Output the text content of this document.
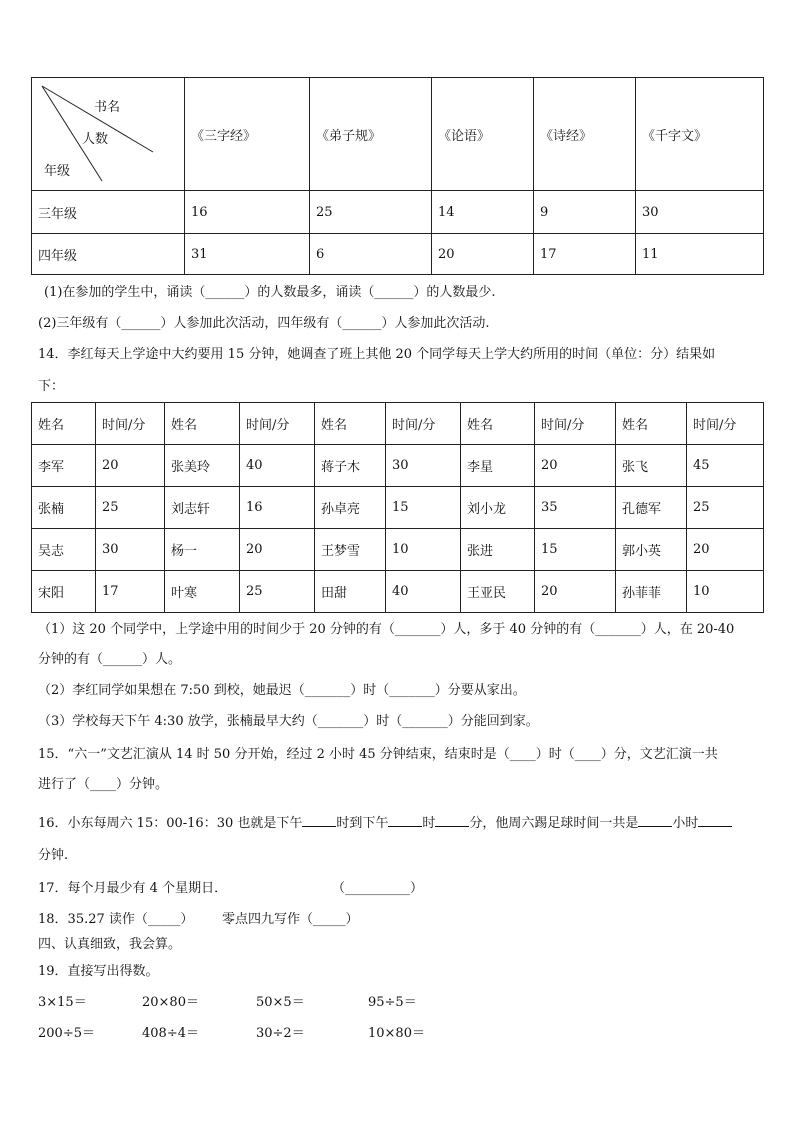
书名
人数
年级	《三字经》	《弟子规》	《论语》	《诗经》	《千字文》
三年级	16	25	14	9	30
四年级	31	6	20	17	11
(1)在参加的学生中，诵读（______）的人数最多，诵读（______）的人数最少.
(2)三年级有（______）人参加此次活动，四年级有（______）人参加此次活动.
14．李红每天上学途中大约要用 15 分钟，她调查了班上其他 20 个同学每天上学大约所用的时间（单位：分）结果如
下：
姓名	时间/分	姓名	时间/分	姓名	时间/分	姓名	时间/分	姓名	时间/分
李军	20	张美玲	40	蒋子木	30	李星	20	张飞	45
张楠	25	刘志轩	16	孙卓亮	15	刘小龙	35	孔德军	25
吴志	30	杨一	20	王梦雪	10	张进	15	郭小英	20
宋阳	17	叶寒	25	田甜	40	王亚民	20	孙菲菲	10
（1）这 20 个同学中，上学途中用的时间少于 20 分钟的有（_______）人，多于 40 分钟的有（_______）人，在 20-40
分钟的有（______）人。
（2）李红同学如果想在 7:50 到校，她最迟（_______）时（_______）分要从家出。
（3）学校每天下午 4:30 放学，张楠最早大约（_______）时（_______）分能回到家。
15．“六一”文艺汇演从 14 时 50 分开始，经过 2 小时 45 分钟结束，结束时是（____）时（____）分，文艺汇演一共
进行了（____）分钟。
16．小东每周六 15：00-16：30 也就是下午	时到下午	时	分，他周六踢足球时间一共是	小时
分钟.
17．每个月最少有 4 个星期日．	（__________）
18．35.27 读作（_____） 零点四九写作（_____）
四、认真细致，我会算。
19．直接写出得数。
3×15＝	20×80＝	50×5＝	95÷5＝
200÷5＝	408÷4＝	30÷2＝	10×80＝
